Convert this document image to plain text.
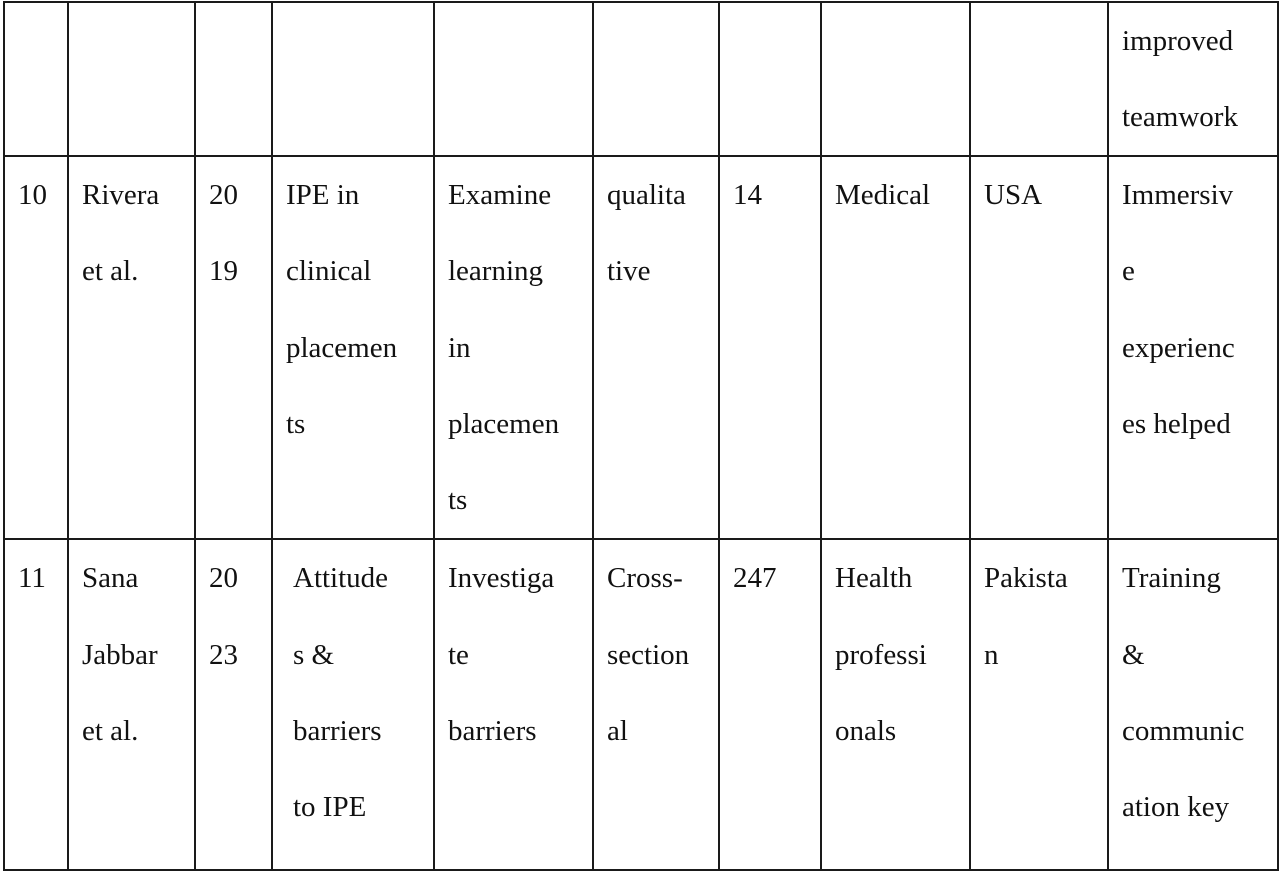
									improved
teamwork

10	Rivera
et al.	20
19	IPE in
clinical
placemen
ts	Examine
learning
in
placemen
ts	qualita
tive	14	Medical	USA	Immersiv
e
experienc
es helped

11	Sana
Jabbar
et al.	20
23	Attitude
s &
barriers
to IPE	Investiga
te
barriers	Cross-
section
al	247	Health
professi
onals	Pakista
n	Training
&
communic
ation key
